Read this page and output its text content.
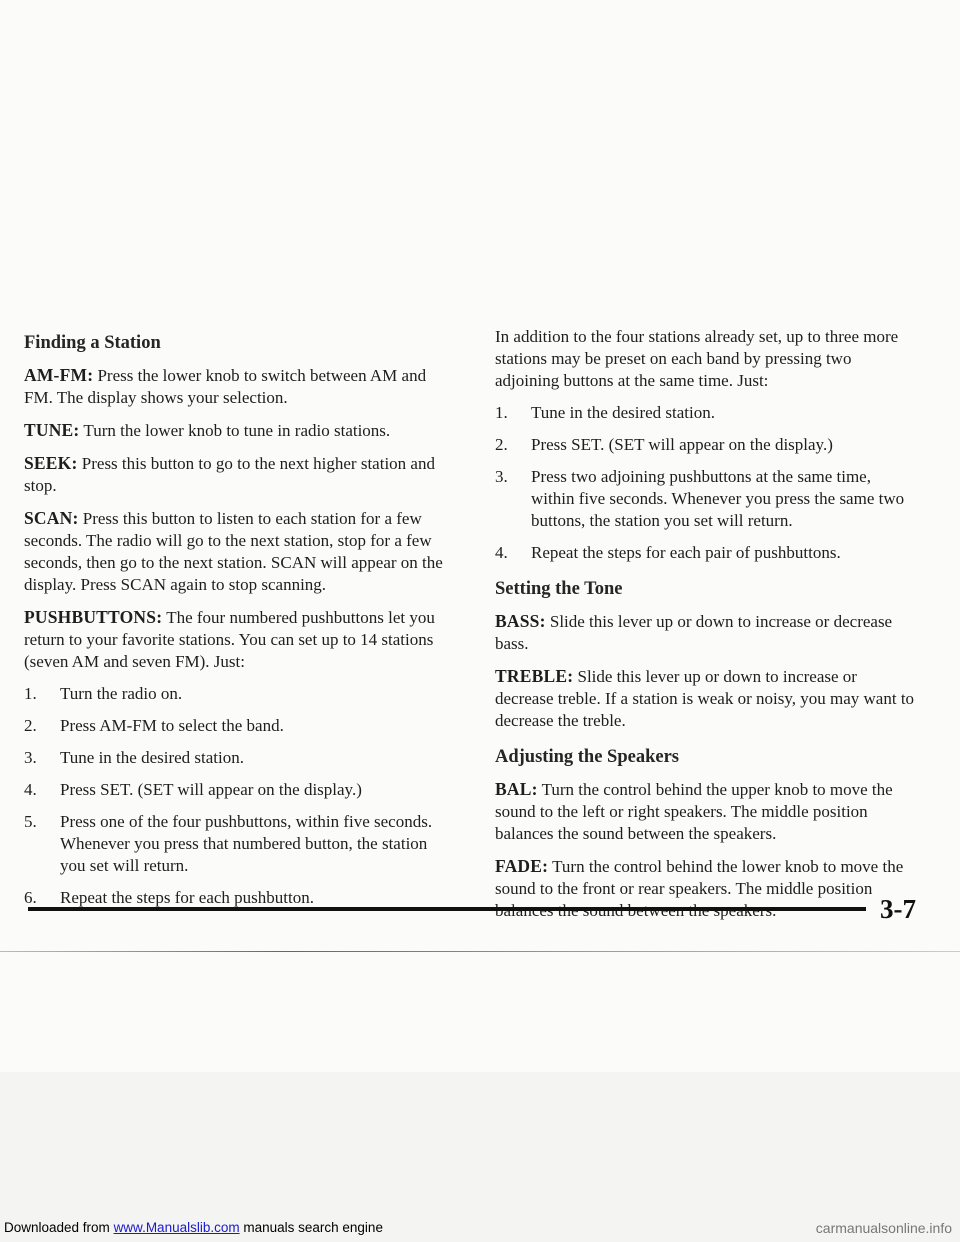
Finding a Station

AM-FM: Press the lower knob to switch between AM and FM. The display shows your selection.

TUNE: Turn the lower knob to tune in radio stations.

SEEK: Press this button to go to the next higher station and stop.

SCAN: Press this button to listen to each station for a few seconds. The radio will go to the next station, stop for a few seconds, then go to the next station. SCAN will appear on the display. Press SCAN again to stop scanning.

PUSHBUTTONS: The four numbered pushbuttons let you return to your favorite stations. You can set up to 14 stations (seven AM and seven FM). Just:

1. Turn the radio on.
2. Press AM-FM to select the band.
3. Tune in the desired station.
4. Press SET. (SET will appear on the display.)
5. Press one of the four pushbuttons, within five seconds. Whenever you press that numbered button, the station you set will return.
6. Repeat the steps for each pushbutton.

In addition to the four stations already set, up to three more stations may be preset on each band by pressing two adjoining buttons at the same time. Just:

1. Tune in the desired station.
2. Press SET. (SET will appear on the display.)
3. Press two adjoining pushbuttons at the same time, within five seconds. Whenever you press the same two buttons, the station you set will return.
4. Repeat the steps for each pair of pushbuttons.
Setting the Tone

BASS: Slide this lever up or down to increase or decrease bass.

TREBLE: Slide this lever up or down to increase or decrease treble. If a station is weak or noisy, you may want to decrease the treble.

Adjusting the Speakers

BAL: Turn the control behind the upper knob to move the sound to the left or right speakers. The middle position balances the sound between the speakers.

FADE: Turn the control behind the lower knob to move the sound to the front or rear speakers. The middle position

3-7
Downloaded from www.Manualslib.com manuals search engine	carmanualsonline.info
